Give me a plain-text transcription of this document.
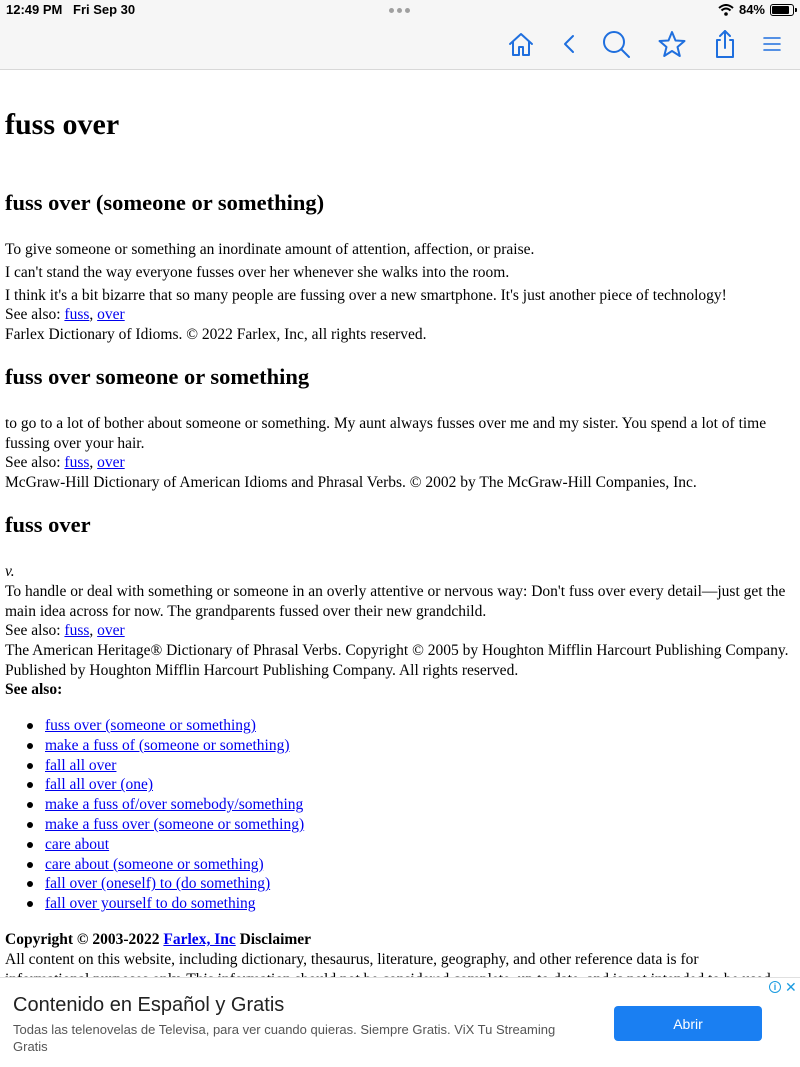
12:49 PM Fri Sep 30	84%
fuss over
fuss over (someone or something)
To give someone or something an inordinate amount of attention, affection, or praise.
I can't stand the way everyone fusses over her whenever she walks into the room.
I think it's a bit bizarre that so many people are fussing over a new smartphone. It's just another piece of technology!
See also: fuss, over
Farlex Dictionary of Idioms. © 2022 Farlex, Inc, all rights reserved.
fuss over someone or something
to go to a lot of bother about someone or something. My aunt always fusses over me and my sister. You spend a lot of time fussing over your hair.
See also: fuss, over
McGraw-Hill Dictionary of American Idioms and Phrasal Verbs. © 2002 by The McGraw-Hill Companies, Inc.
fuss over
v.
To handle or deal with something or someone in an overly attentive or nervous way: Don't fuss over every detail—just get the main idea across for now. The grandparents fussed over their new grandchild.
See also: fuss, over
The American Heritage® Dictionary of Phrasal Verbs. Copyright © 2005 by Houghton Mifflin Harcourt Publishing Company. Published by Houghton Mifflin Harcourt Publishing Company. All rights reserved.
See also:
fuss over (someone or something)
make a fuss of (someone or something)
fall all over
fall all over (one)
make a fuss of/over somebody/something
make a fuss over (someone or something)
care about
care about (someone or something)
fall over (oneself) to (do something)
fall over yourself to do something
Copyright © 2003-2022 Farlex, Inc Disclaimer
All content on this website, including dictionary, thesaurus, literature, geography, and other reference data is for
Contenido en Español y Gratis
Todas las telenovelas de Televisa, para ver cuando quieras. Siempre Gratis. ViX Tu Streaming Gratis
Abrir
i ✕
